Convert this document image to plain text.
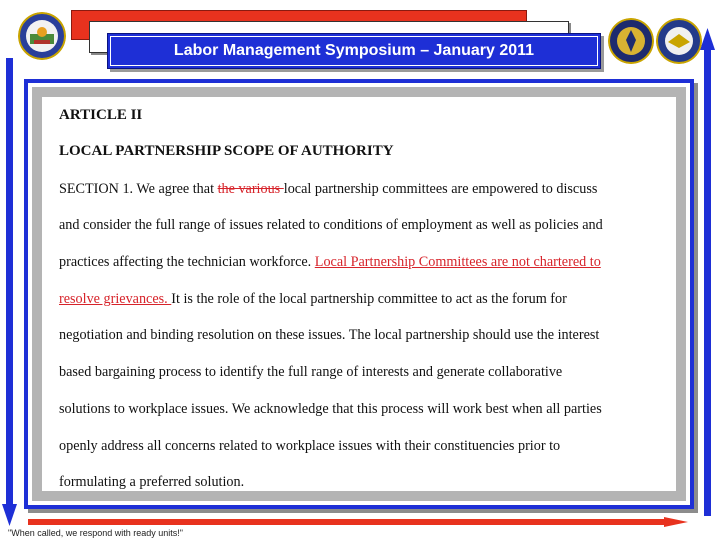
Labor Management Symposium – January 2011
ARTICLE II
LOCAL PARTNERSHIP SCOPE OF AUTHORITY
SECTION 1. We agree that the various local partnership committees are empowered to discuss
and consider the full range of issues related to conditions of employment as well as policies and
practices affecting the technician workforce. Local Partnership Committees are not chartered to
resolve grievances. It is the role of the local partnership committee to act as the forum for
negotiation and binding resolution on these issues. The local partnership should use the interest
based bargaining process to identify the full range of interests and generate collaborative
solutions to workplace issues. We acknowledge that this process will work best when all parties
openly address all concerns related to workplace issues with their constituencies prior to
formulating a preferred solution.
"When called, we respond with ready units!"
